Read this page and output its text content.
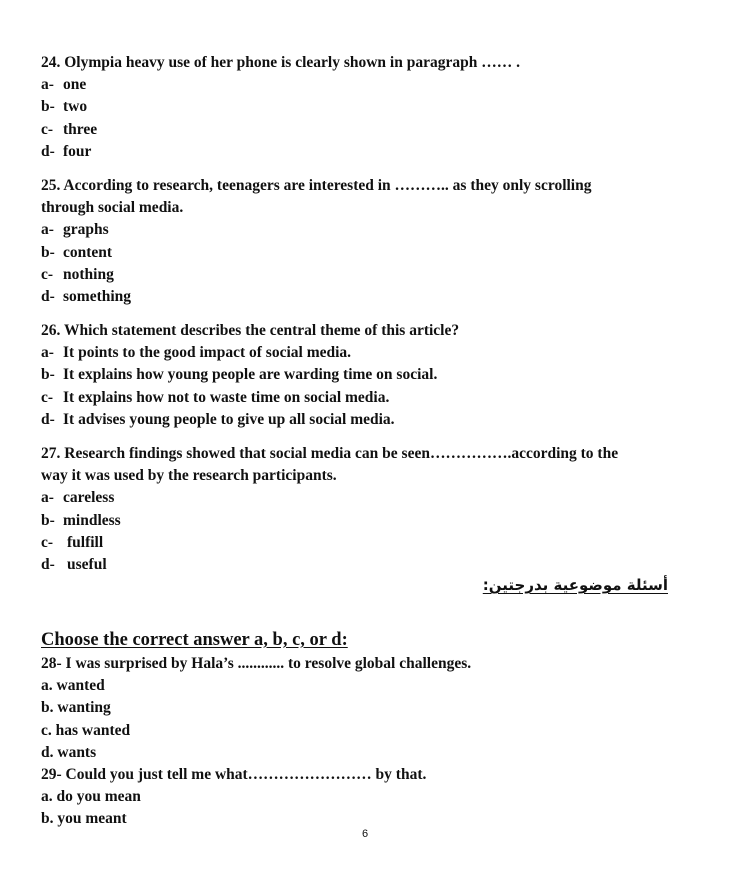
24. Olympia heavy use of her phone is clearly shown in paragraph …… .
a- one
b- two
c- three
d- four
25. According to research, teenagers are interested in ……….. as they only scrolling
through social media.
a- graphs
b- content
c- nothing
d- something
26. Which statement describes the central theme of this article?
a- It points to the good impact of social media.
b- It explains how young people are warding time on social.
c- It explains how not to waste time on social media.
d- It advises young people to give up all social media.
27. Research findings showed that social media can be seen…………….according to the
way it was used by the research participants.
a- careless
b- mindless
c- fulfill
d- useful
أسئلة موضوعية بدرجتين:
Choose the correct answer a, b, c, or d:
28- I was surprised by Hala’s ............ to resolve global challenges.
a. wanted
b. wanting
c. has wanted
d. wants
29- Could you just tell me what…………………… by that.
a. do you mean
b. you meant
6
